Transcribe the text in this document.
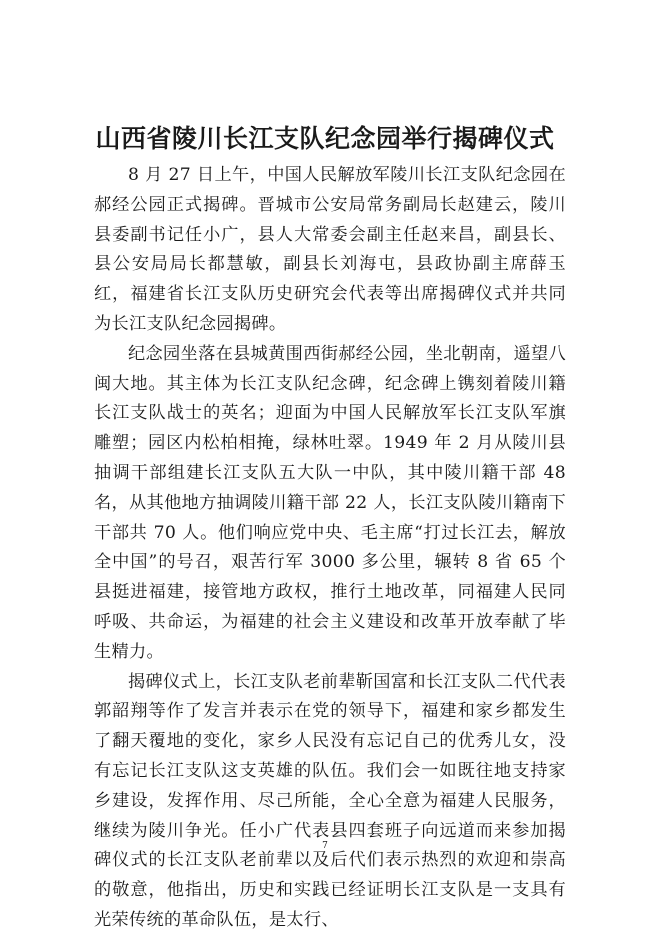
山西省陵川长江支队纪念园举行揭碑仪式

8 月 27 日上午，中国人民解放军陵川长江支队纪念园在郝经公园正式揭碑。晋城市公安局常务副局长赵建云，陵川县委副书记任小广，县人大常委会副主任赵来昌，副县长、县公安局局长都慧敏，副县长刘海屯，县政协副主席薛玉红，福建省长江支队历史研究会代表等出席揭碑仪式并共同为长江支队纪念园揭碑。

纪念园坐落在县城黄围西街郝经公园，坐北朝南，遥望八闽大地。其主体为长江支队纪念碑，纪念碑上镌刻着陵川籍长江支队战士的英名；迎面为中国人民解放军长江支队军旗雕塑；园区内松柏相掩，绿林吐翠。1949 年 2 月从陵川县抽调干部组建长江支队五大队一中队，其中陵川籍干部 48 名，从其他地方抽调陵川籍干部 22 人，长江支队陵川籍南下干部共 70 人。他们响应党中央、毛主席“打过长江去，解放全中国”的号召，艰苦行军 3000 多公里，辗转 8 省 65 个县挺进福建，接管地方政权，推行土地改革，同福建人民同呼吸、共命运，为福建的社会主义建设和改革开放奉献了毕生精力。

揭碑仪式上，长江支队老前辈靳国富和长江支队二代代表郭韶翔等作了发言并表示在党的领导下，福建和家乡都发生了翻天覆地的变化，家乡人民没有忘记自己的优秀儿女，没有忘记长江支队这支英雄的队伍。我们会一如既往地支持家乡建设，发挥作用、尽己所能，全心全意为福建人民服务，继续为陵川争光。任小广代表县四套班子向远道而来参加揭碑仪式的长江支队老前辈以及后代们表示热烈的欢迎和崇高的敬意，他指出，历史和实践已经证明长江支队是一支具有光荣传统的革命队伍，是太行、

7
